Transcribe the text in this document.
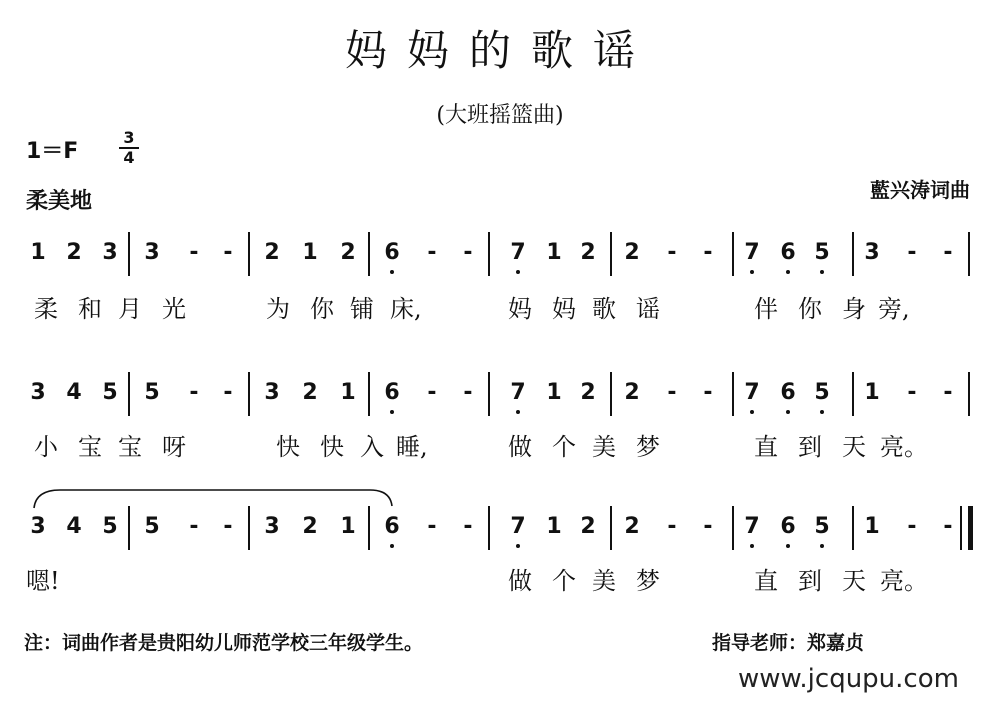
妈妈的歌谣
(大班摇篮曲)
1＝F
3
4
柔美地	藍兴涛词曲
1 2 3 3	-	-	2 1 2 6	-	-	7 1 2 2	-	-	7 6 5 3	-	-
柔 和 月 光	为 你 铺 床,	妈 妈 歌 谣	伴 你 身 旁,
3 4 5 5	-	-	3 2 1 6	-	-	7 1 2 2	-	-	7 6 5 1	-	-
小 宝 宝 呀	快 快 入 睡,	做 个 美 梦	直 到 天 亮。
3 4 5 5	-	-	3 2 1 6	-	-	7 1 2 2	-	-	7 6 5 1	-	-
嗯!	做 个 美 梦	直 到 天 亮。
注：词曲作者是贵阳幼儿师范学校三年级学生。	指导老师：郑嘉贞
www.jcqupu.com
